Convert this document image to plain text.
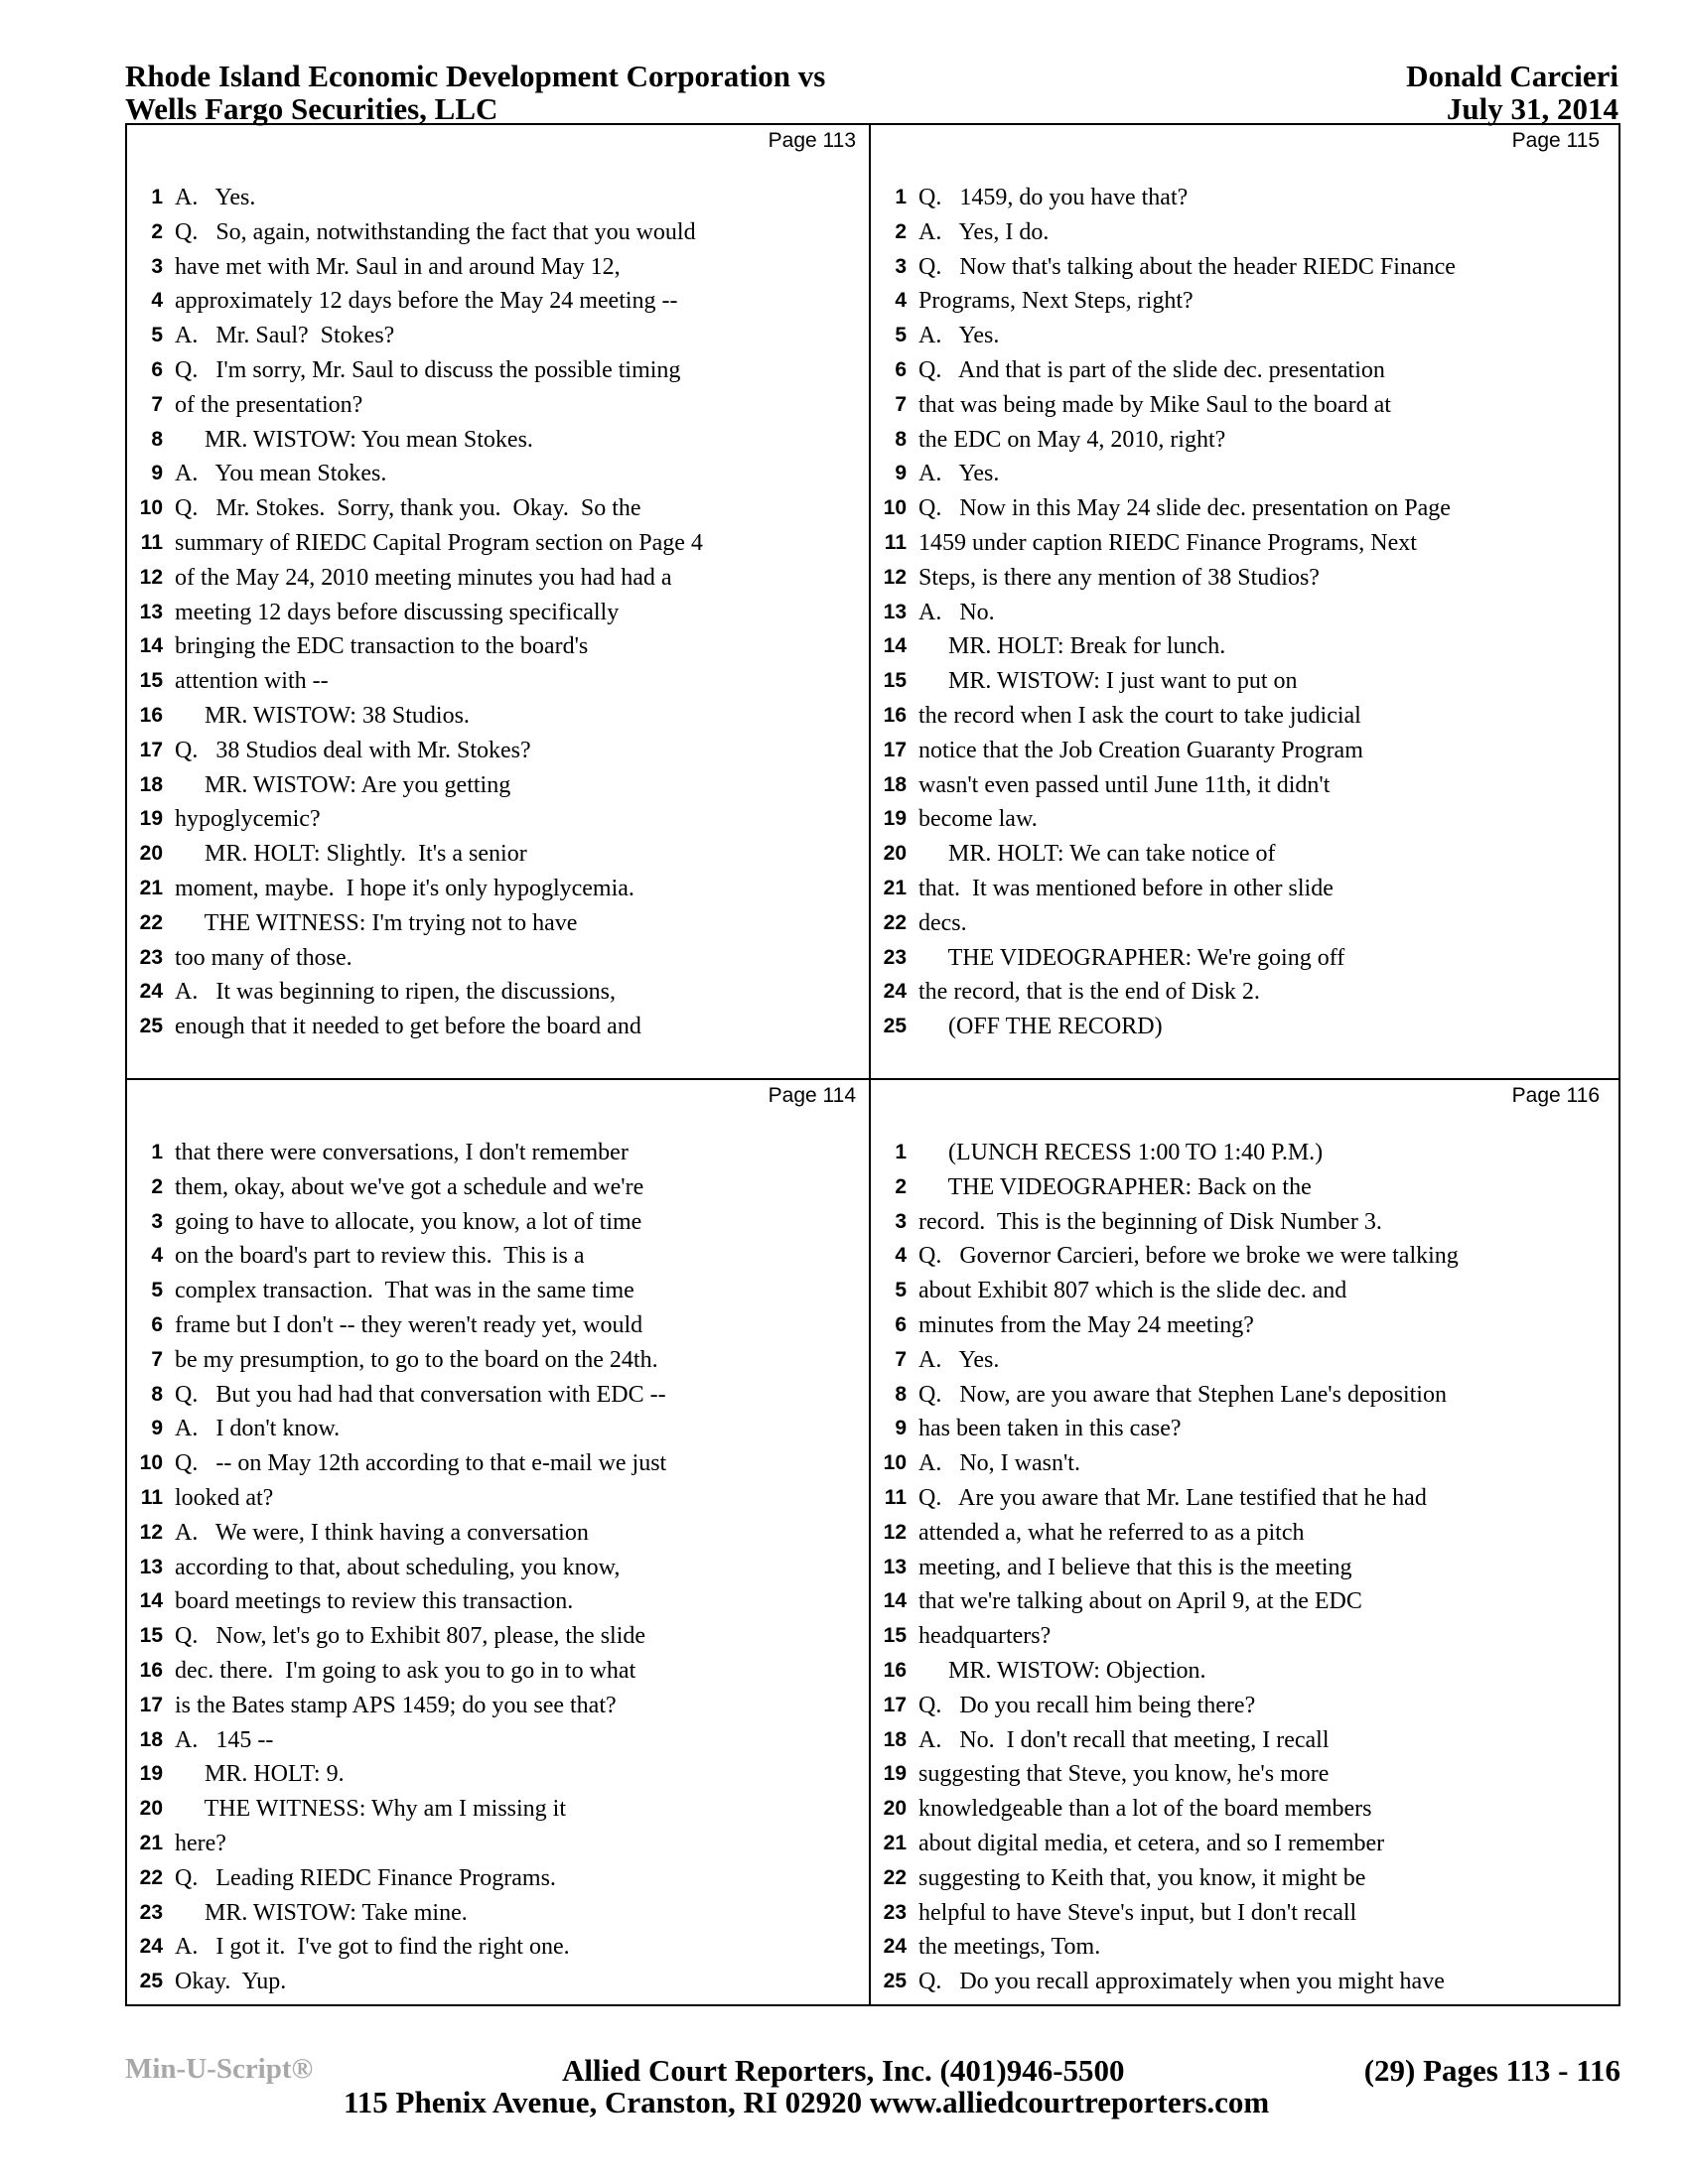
Rhode Island Economic Development Corporation vs
Wells Fargo Securities, LLC
Donald Carcieri
July 31, 2014
Page 113
1 A.   Yes.
2 Q.   So, again, notwithstanding the fact that you would
3 have met with Mr. Saul in and around May 12,
4 approximately 12 days before the May 24 meeting --
5 A.   Mr. Saul?  Stokes?
6 Q.   I'm sorry, Mr. Saul to discuss the possible timing
7 of the presentation?
8 MR. WISTOW: You mean Stokes.
9 A.   You mean Stokes.
10 Q.   Mr. Stokes.  Sorry, thank you.  Okay.  So the
11 summary of RIEDC Capital Program section on Page 4
12 of the May 24, 2010 meeting minutes you had had a
13 meeting 12 days before discussing specifically
14 bringing the EDC transaction to the board's
15 attention with --
16 MR. WISTOW: 38 Studios.
17 Q.   38 Studios deal with Mr. Stokes?
18 MR. WISTOW: Are you getting
19 hypoglycemic?
20 MR. HOLT: Slightly.  It's a senior
21 moment, maybe.  I hope it's only hypoglycemia.
22 THE WITNESS: I'm trying not to have
23 too many of those.
24 A.   It was beginning to ripen, the discussions,
25 enough that it needed to get before the board and
Page 115
1 Q.   1459, do you have that?
2 A.   Yes, I do.
3 Q.   Now that's talking about the header RIEDC Finance
4 Programs, Next Steps, right?
5 A.   Yes.
6 Q.   And that is part of the slide dec. presentation
7 that was being made by Mike Saul to the board at
8 the EDC on May 4, 2010, right?
9 A.   Yes.
10 Q.   Now in this May 24 slide dec. presentation on Page
11 1459 under caption RIEDC Finance Programs, Next
12 Steps, is there any mention of 38 Studios?
13 A.   No.
14 MR. HOLT: Break for lunch.
15 MR. WISTOW: I just want to put on
16 the record when I ask the court to take judicial
17 notice that the Job Creation Guaranty Program
18 wasn't even passed until June 11th, it didn't
19 become law.
20 MR. HOLT: We can take notice of
21 that.  It was mentioned before in other slide
22 decs.
23 THE VIDEOGRAPHER: We're going off
24 the record, that is the end of Disk 2.
25 (OFF THE RECORD)
Page 114
1 that there were conversations, I don't remember
2 them, okay, about we've got a schedule and we're
3 going to have to allocate, you know, a lot of time
4 on the board's part to review this.  This is a
5 complex transaction.  That was in the same time
6 frame but I don't -- they weren't ready yet, would
7 be my presumption, to go to the board on the 24th.
8 Q.   But you had had that conversation with EDC --
9 A.   I don't know.
10 Q.   -- on May 12th according to that e-mail we just
11 looked at?
12 A.   We were, I think having a conversation
13 according to that, about scheduling, you know,
14 board meetings to review this transaction.
15 Q.   Now, let's go to Exhibit 807, please, the slide
16 dec. there.  I'm going to ask you to go in to what
17 is the Bates stamp APS 1459; do you see that?
18 A.   145 --
19 MR. HOLT: 9.
20 THE WITNESS: Why am I missing it
21 here?
22 Q.   Leading RIEDC Finance Programs.
23 MR. WISTOW: Take mine.
24 A.   I got it.  I've got to find the right one.
25 Okay.  Yup.
Page 116
1 (LUNCH RECESS 1:00 TO 1:40 P.M.)
2 THE VIDEOGRAPHER: Back on the
3 record.  This is the beginning of Disk Number 3.
4 Q.   Governor Carcieri, before we broke we were talking
5 about Exhibit 807 which is the slide dec. and
6 minutes from the May 24 meeting?
7 A.   Yes.
8 Q.   Now, are you aware that Stephen Lane's deposition
9 has been taken in this case?
10 A.   No, I wasn't.
11 Q.   Are you aware that Mr. Lane testified that he had
12 attended a, what he referred to as a pitch
13 meeting, and I believe that this is the meeting
14 that we're talking about on April 9, at the EDC
15 headquarters?
16 MR. WISTOW: Objection.
17 Q.   Do you recall him being there?
18 A.   No.  I don't recall that meeting, I recall
19 suggesting that Steve, you know, he's more
20 knowledgeable than a lot of the board members
21 about digital media, et cetera, and so I remember
22 suggesting to Keith that, you know, it might be
23 helpful to have Steve's input, but I don't recall
24 the meetings, Tom.
25 Q.   Do you recall approximately when you might have
Min-U-Script®	Allied Court Reporters, Inc. (401)946-5500	(29) Pages 113 - 116
115 Phenix Avenue, Cranston, RI 02920 www.alliedcourtreporters.com
